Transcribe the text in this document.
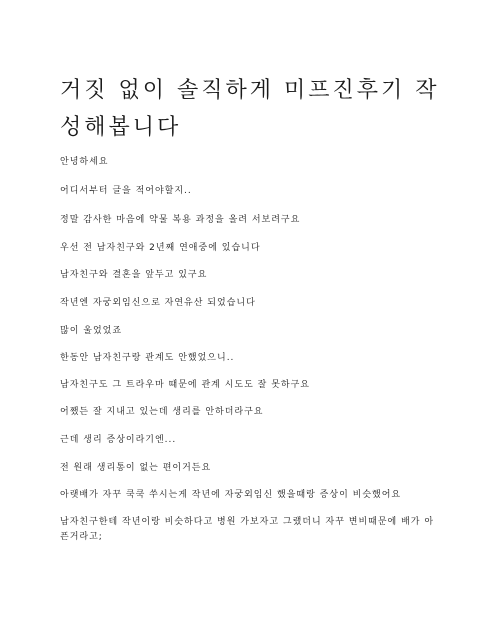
거짓 없이 솔직하게 미프진후기 작성해봅니다

안녕하세요

어디서부터 글을 적어야할지..

정말 감사한 마음에 약물 복용 과정을 올려 서보려구요

우선 전 남자친구와 2년째 연애중에 있습니다

남자친구와 결혼을 앞두고 있구요

작년엔 자궁외임신으로 자연유산 되었습니다

많이 울었었죠

한동안 남자친구랑 관계도 안했었으니..

남자친구도 그 트라우마 때문에 관계 시도도 잘 못하구요

어쨌든 잘 지내고 있는데 생리를 안하더라구요

근데 생리 증상이라기엔...

전 원래 생리통이 없는 편이거든요

아랫배가 자꾸 쿡쿡 쑤시는게 작년에 자궁외임신 했을때랑 증상이 비슷했어요

남자친구한테 작년이랑 비슷하다고 병원 가보자고 그랬더니 자꾸 변비때문에 배가 아픈거라고;
